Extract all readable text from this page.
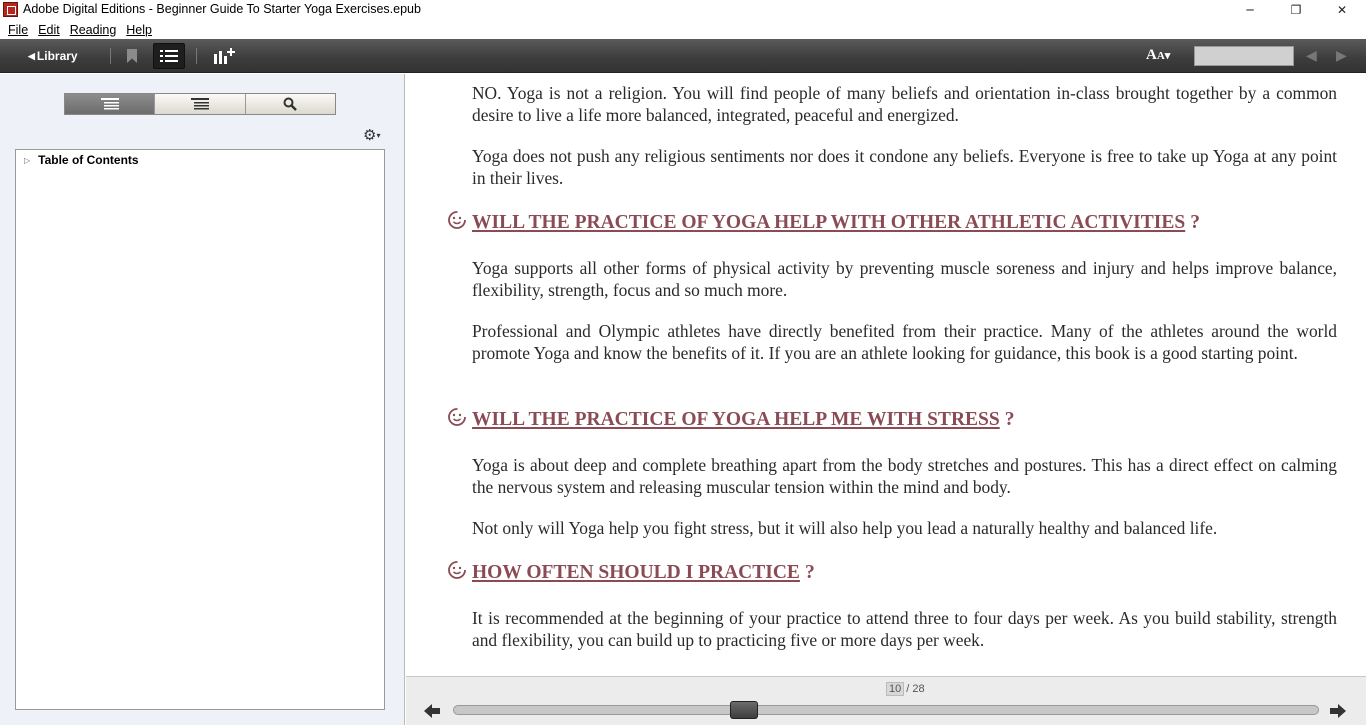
Adobe Digital Editions - Beginner Guide To Starter Yoga Exercises.epub	─	❐	✕
File Edit Reading Help
◀ Library	AA▾	◀ ▶
⚙▾
▷ Table of Contents

NO. Yoga is not a religion. You will find people of many beliefs and orientation in-class brought together by a common desire to live a life more balanced, integrated, peaceful and energized.

Yoga does not push any religious sentiments nor does it condone any beliefs. Everyone is free to take up Yoga at any point in their lives.

WILL THE PRACTICE OF YOGA HELP WITH OTHER ATHLETIC ACTIVITIES ?

Yoga supports all other forms of physical activity by preventing muscle soreness and injury and helps improve balance, flexibility, strength, focus and so much more.

Professional and Olympic athletes have directly benefited from their practice. Many of the athletes around the world promote Yoga and know the benefits of it. If you are an athlete looking for guidance, this book is a good starting point.

WILL THE PRACTICE OF YOGA HELP ME WITH STRESS ?

Yoga is about deep and complete breathing apart from the body stretches and postures. This has a direct effect on calming the nervous system and releasing muscular tension within the mind and body.

Not only will Yoga help you fight stress, but it will also help you lead a naturally healthy and balanced life.

HOW OFTEN SHOULD I PRACTICE ?

It is recommended at the beginning of your practice to attend three to four days per week. As you build stability, strength and flexibility, you can build up to practicing five or more days per week.

10 / 28
